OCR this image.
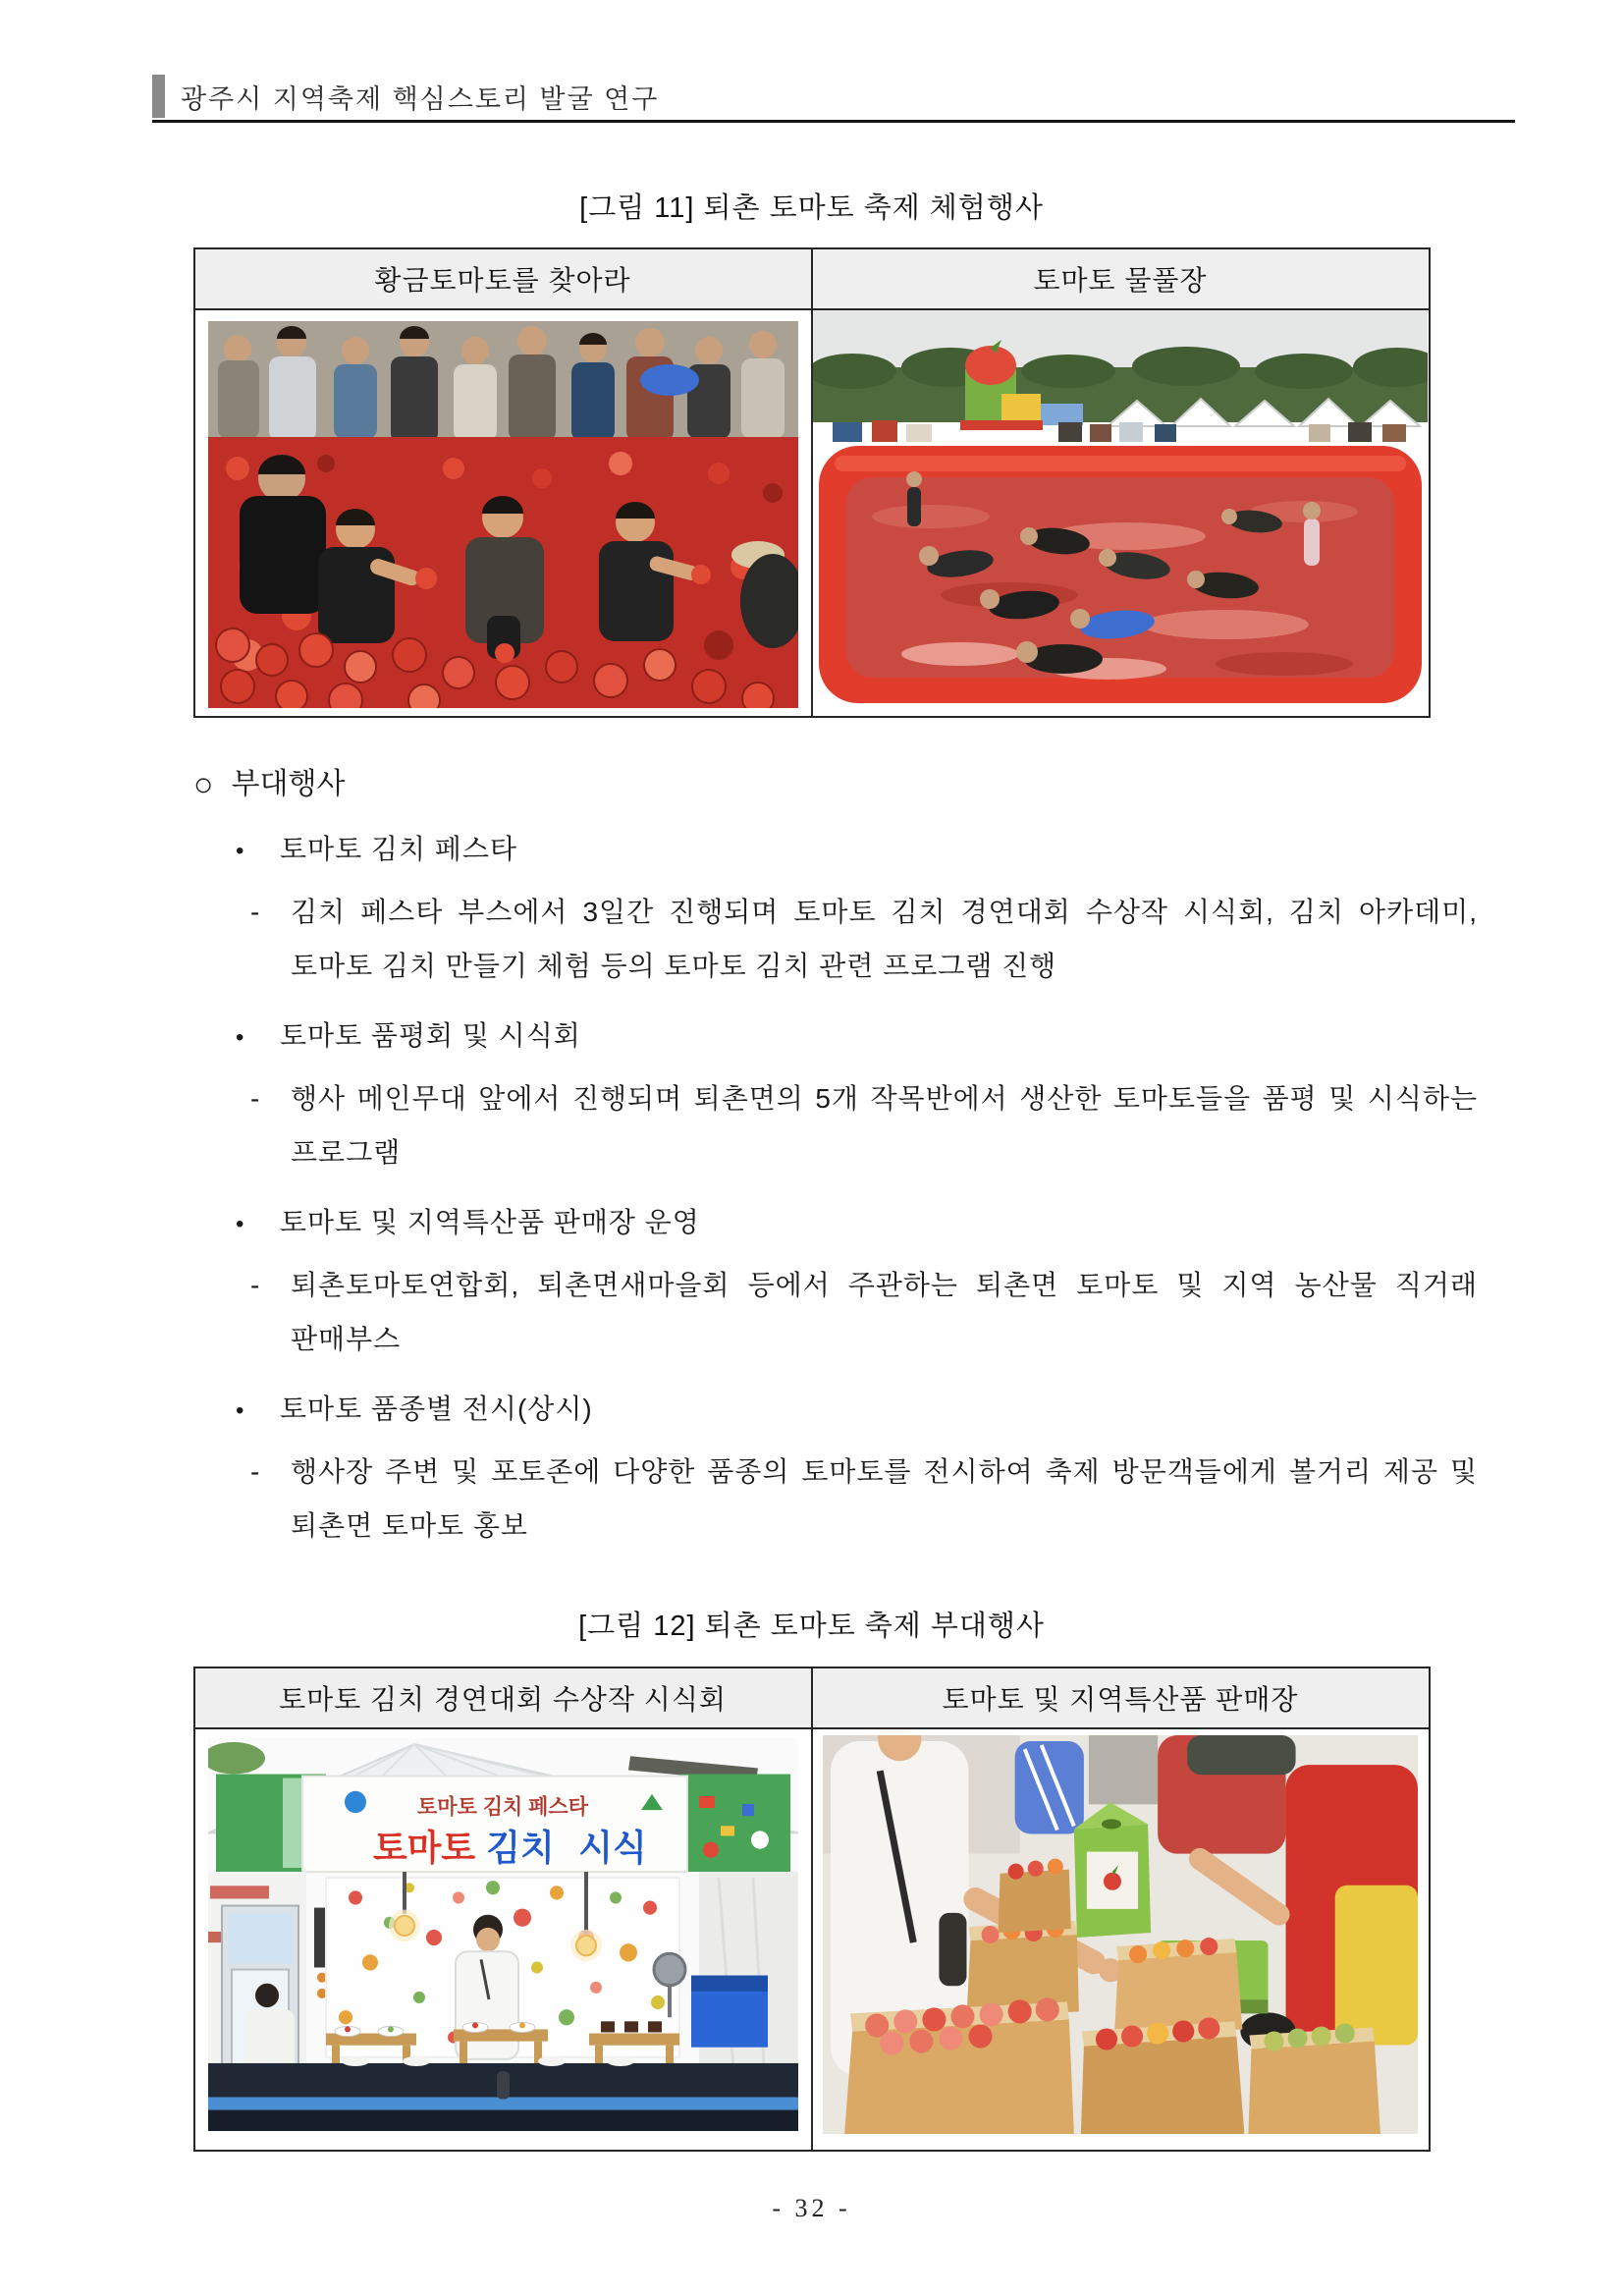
광주시 지역축제 핵심스토리 발굴 연구
[그림 11] 퇴촌 토마토 축제 체험행사
황금토마토를 찾아라	토마토 물풀장

○ 부대행사
• 토마토 김치 페스타
- 김치 페스타 부스에서 3일간 진행되며 토마토 김치 경연대회 수상작 시식회, 김치 아카데미, 토마토 김치 만들기 체험 등의 토마토 김치 관련 프로그램 진행
• 토마토 품평회 및 시식회
- 행사 메인무대 앞에서 진행되며 퇴촌면의 5개 작목반에서 생산한 토마토들을 품평 및 시식하는 프로그램
• 토마토 및 지역특산품 판매장 운영
- 퇴촌토마토연합회, 퇴촌면새마을회 등에서 주관하는 퇴촌면 토마토 및 지역 농산물 직거래 판매부스
• 토마토 품종별 전시(상시)
- 행사장 주변 및 포토존에 다양한 품종의 토마토를 전시하여 축제 방문객들에게 볼거리 제공 및 퇴촌면 토마토 홍보
[그림 12] 퇴촌 토마토 축제 부대행사
토마토 김치 경연대회 수상작 시식회	토마토 및 지역특산품 판매장

토마토 김치 페스타
토마토 김치 시식

- 32 -
